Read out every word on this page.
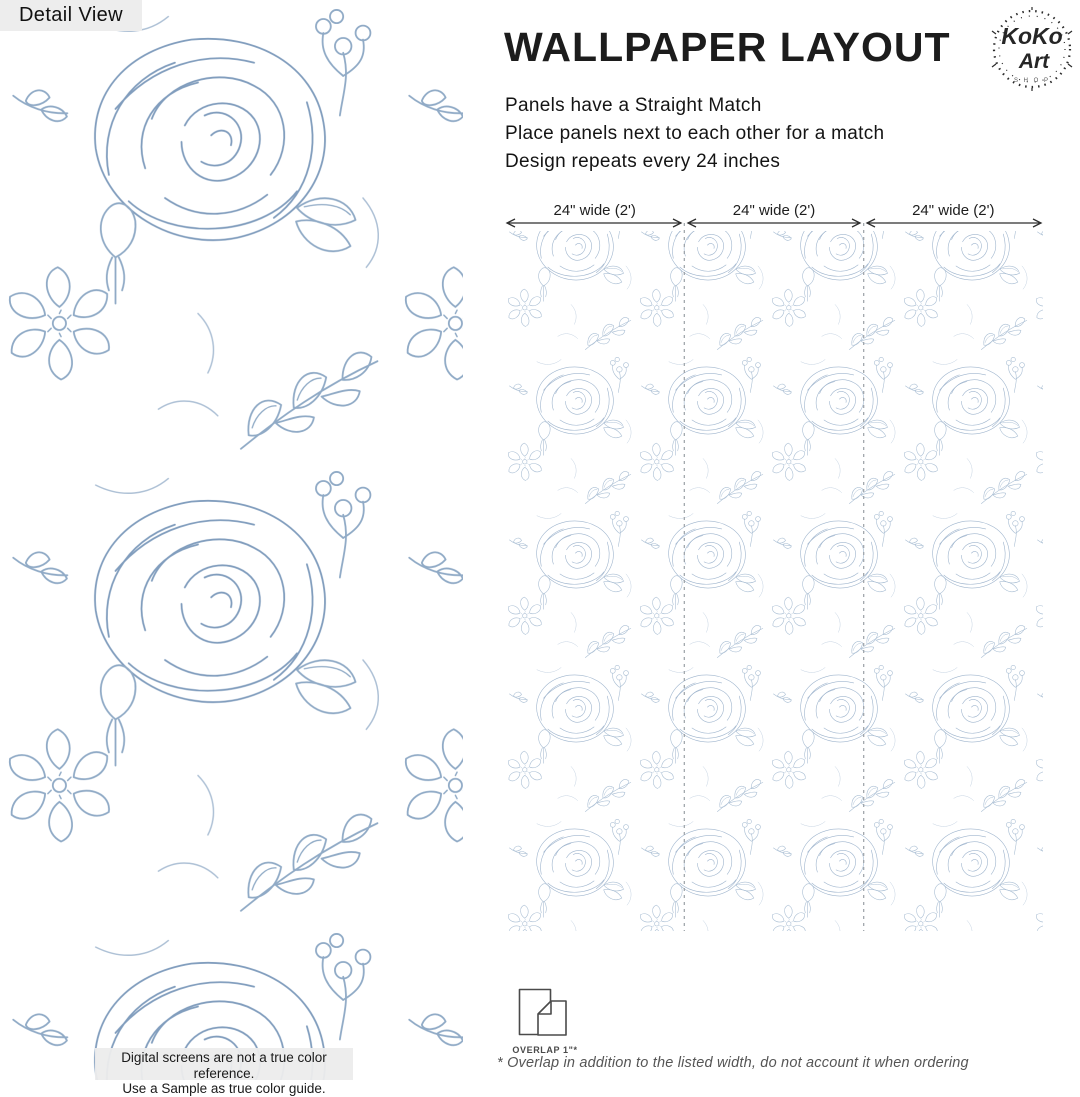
Detail View
Digital screens are not a true color reference.
Use a Sample as true color guide.
WALLPAPER LAYOUT KoKo
Art
S H O P
Panels have a Straight Match
Place panels next to each other for a match
Design repeats every 24 inches
24" wide (2')	24" wide (2')	24" wide (2')
OVERLAP 1"*
* Overlap in addition to the listed width, do not account it when ordering
